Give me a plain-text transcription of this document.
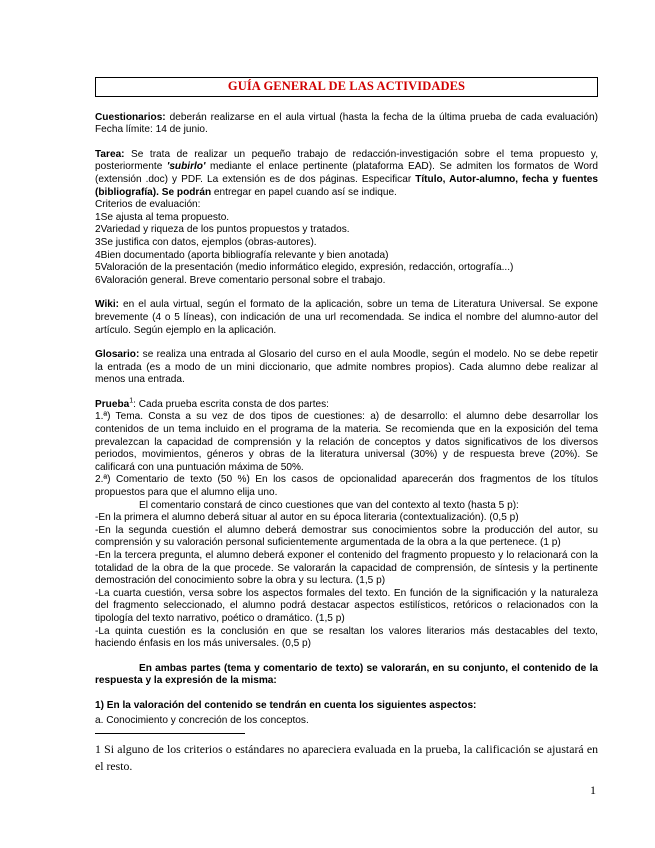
GUÍA GENERAL DE LAS ACTIVIDADES

Cuestionarios: deberán realizarse en el aula virtual (hasta la fecha de la última prueba de cada evaluación) Fecha límite: 14 de junio.

Tarea: Se trata de realizar un pequeño trabajo de redacción-investigación sobre el tema propuesto y, posteriormente 'subirlo' mediante el enlace pertinente (plataforma EAD). Se admiten los formatos de Word (extensión .doc) y PDF. La extensión es de dos páginas. Especificar Título, Autor-alumno, fecha y fuentes (bibliografía). Se podrán entregar en papel cuando así se indique.

Criterios de evaluación:

1Se ajusta al tema propuesto.

2Variedad y riqueza de los puntos propuestos y tratados.

3Se justifica con datos, ejemplos (obras-autores).

4Bien documentado (aporta bibliografía relevante y bien anotada)

5Valoración de la presentación (medio informático elegido, expresión, redacción, ortografía...)

6Valoración general. Breve comentario personal sobre el trabajo.

Wiki: en el aula virtual, según el formato de la aplicación, sobre un tema de Literatura Universal. Se expone brevemente (4 o 5 líneas), con indicación de una url recomendada. Se indica el nombre del alumno-autor del artículo. Según ejemplo en la aplicación.

Glosario: se realiza una entrada al Glosario del curso en el aula Moodle, según el modelo. No se debe repetir la entrada (es a modo de un mini diccionario, que admite nombres propios). Cada alumno debe realizar al menos una entrada.

Prueba$^1$: Cada prueba escrita consta de dos partes:

1.ª) Tema. Consta a su vez de dos tipos de cuestiones: a) de desarrollo: el alumno debe desarrollar los contenidos de un tema incluido en el programa de la materia. Se recomienda que en la exposición del tema prevalezcan la capacidad de comprensión y la relación de conceptos y datos significativos de los diversos periodos, movimientos, géneros y obras de la literatura universal (30%) y de respuesta breve (20%). Se calificará con una puntuación máxima de 50%.

2.ª) Comentario de texto (50 %) En los casos de opcionalidad aparecerán dos fragmentos de los títulos propuestos para que el alumno elija uno.

El comentario constará de cinco cuestiones que van del contexto al texto (hasta 5 p):

-En la primera el alumno deberá situar al autor en su época literaria (contextualización). (0,5 p)

-En la segunda cuestión el alumno deberá demostrar sus conocimientos sobre la producción del autor, su comprensión y su valoración personal suficientemente argumentada de la obra a la que pertenece. (1 p)

-En la tercera pregunta, el alumno deberá exponer el contenido del fragmento propuesto y lo relacionará con la totalidad de la obra de la que procede. Se valorarán la capacidad de comprensión, de síntesis y la pertinente demostración del conocimiento sobre la obra y su lectura. (1,5 p)

-La cuarta cuestión, versa sobre los aspectos formales del texto. En función de la significación y la naturaleza del fragmento seleccionado, el alumno podrá destacar aspectos estilísticos, retóricos o relacionados con la tipología del texto narrativo, poético o dramático. (1,5 p)

-La quinta cuestión es la conclusión en que se resaltan los valores literarios más destacables del texto, haciendo énfasis en los más universales. (0,5 p)

En ambas partes (tema y comentario de texto) se valorarán, en su conjunto, el contenido de la respuesta y la expresión de la misma:

1) En la valoración del contenido se tendrán en cuenta los siguientes aspectos:

a. Conocimiento y concreción de los conceptos.

1 Si alguno de los criterios o estándares no apareciera evaluada en la prueba, la calificación se ajustará en el resto.
1
